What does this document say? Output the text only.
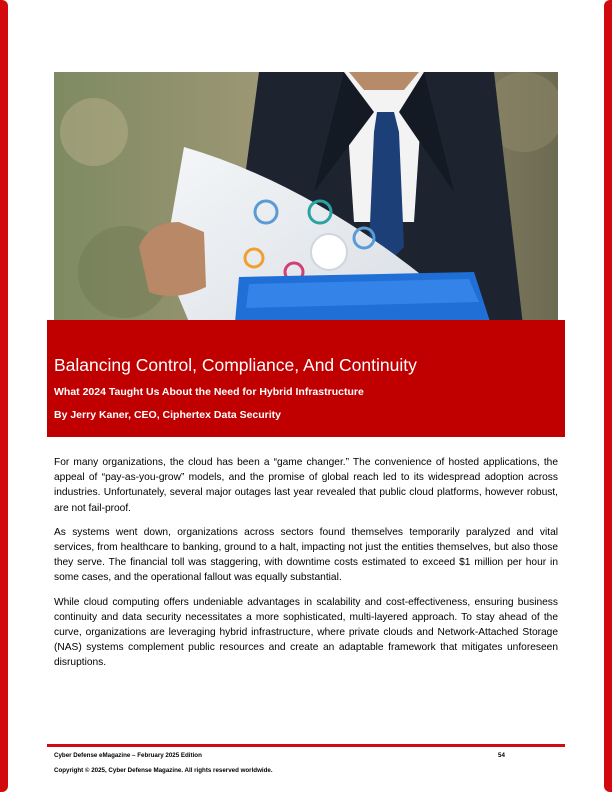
Balancing Control, Compliance, And Continuity

What 2024 Taught Us About the Need for Hybrid Infrastructure

By Jerry Kaner, CEO, Ciphertex Data Security

For many organizations, the cloud has been a “game changer.” The convenience of hosted applications, the appeal of “pay-as-you-grow” models, and the promise of global reach led to its widespread adoption across industries. Unfortunately, several major outages last year revealed that public cloud platforms, however robust, are not fail-proof.

As systems went down, organizations across sectors found themselves temporarily paralyzed and vital services, from healthcare to banking, ground to a halt, impacting not just the entities themselves, but also those they serve. The financial toll was staggering, with downtime costs estimated to exceed $1 million per hour in some cases, and the operational fallout was equally substantial.

While cloud computing offers undeniable advantages in scalability and cost-effectiveness, ensuring business continuity and data security necessitates a more sophisticated, multi-layered approach. To stay ahead of the curve, organizations are leveraging hybrid infrastructure, where private clouds and Network-Attached Storage (NAS) systems complement public resources and create an adaptable framework that mitigates unforeseen disruptions.

Cyber Defense eMagazine – February 2025 Edition	54
Copyright © 2025, Cyber Defense Magazine. All rights reserved worldwide.
